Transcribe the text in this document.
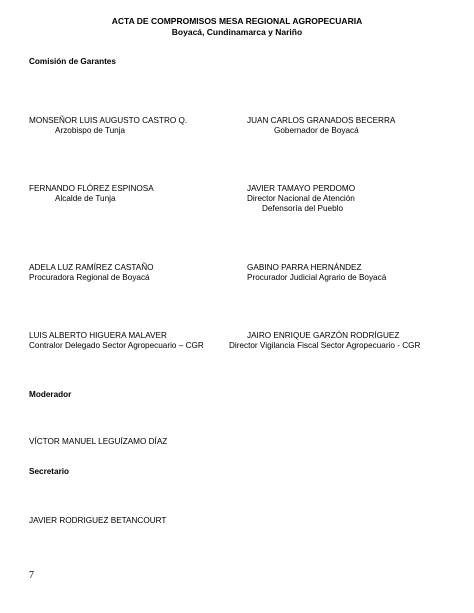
ACTA DE COMPROMISOS MESA REGIONAL AGROPECUARIA
Boyacá, Cundinamarca y Nariño
Comisión de Garantes
MONSEÑOR LUIS AUGUSTO CASTRO Q.
Arzobispo de Tunja
JUAN CARLOS GRANADOS BECERRA
Gobernador de Boyacá
FERNANDO FLÓREZ ESPINOSA
Alcalde de Tunja
JAVIER TAMAYO PERDOMO
Director Nacional de Atención
Defensoría del Pueblo
ADELA LUZ RAMÍREZ CASTAÑO
Procuradora Regional de Boyacá
GABINO PARRA HERNÁNDEZ
Procurador Judicial Agrario de Boyacá
LUIS ALBERTO HIGUERA MALAVER
Contralor Delegado Sector Agropecuario – CGR
JAIRO ENRIQUE GARZÓN RODRÍGUEZ
Director Vigilancia Fiscal Sector Agropecuario - CGR
Moderador
VÍCTOR MANUEL LEGUÍZAMO DÍAZ
Secretario
JAVIER RODRIGUEZ BETANCOURT
7
